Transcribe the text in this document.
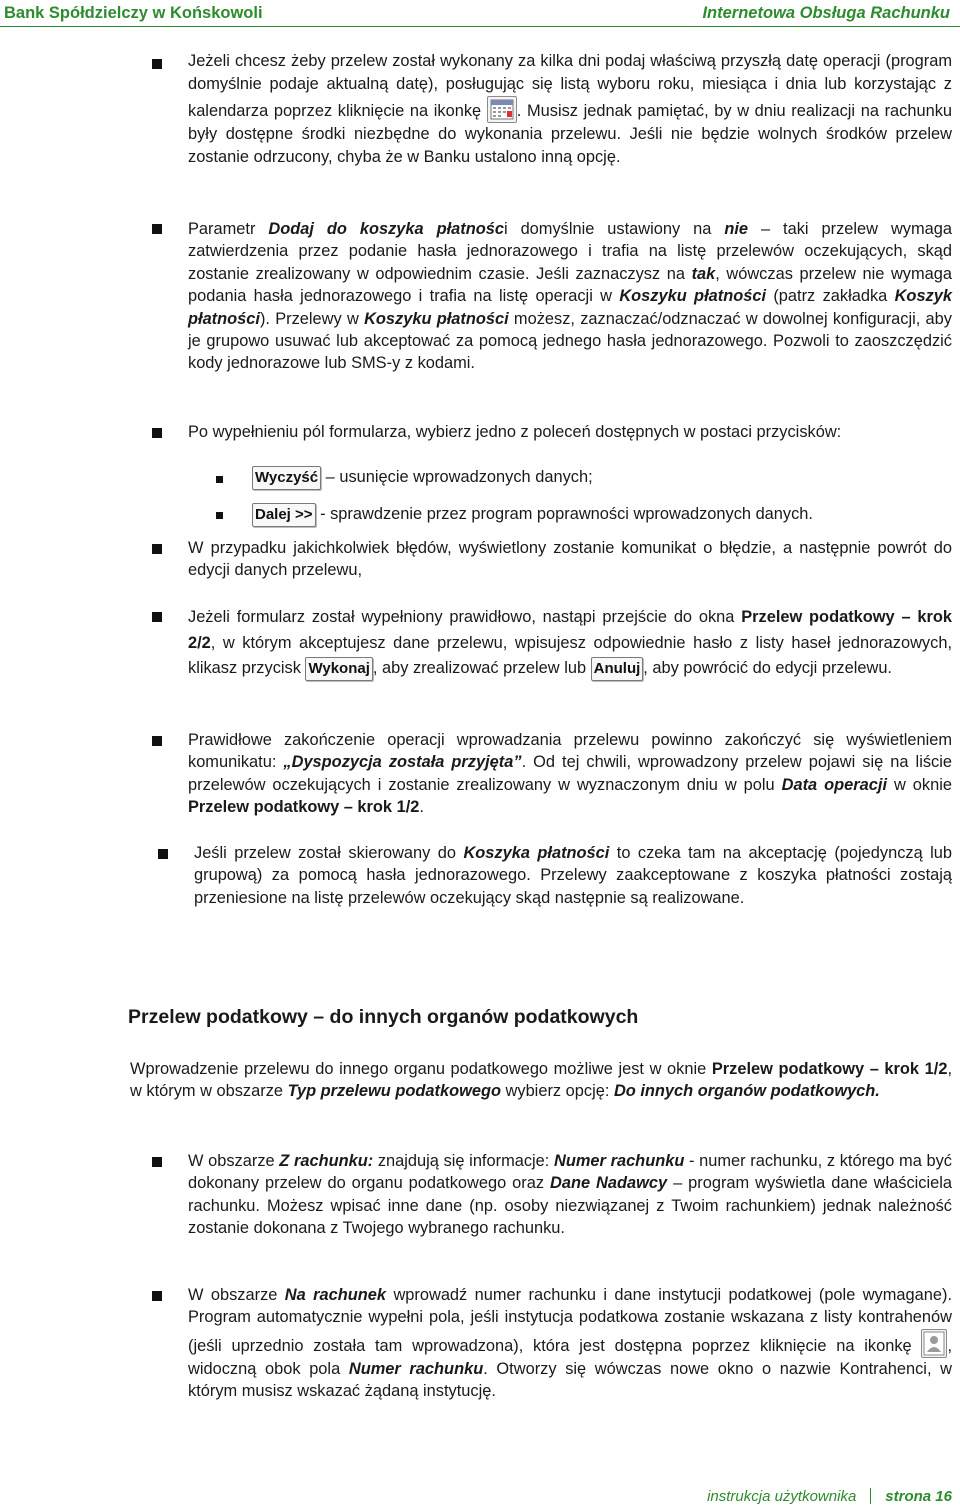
Bank Spółdzielczy w Końskowoli	Internetowa Obsługa Rachunku

Jeżeli chcesz żeby przelew został wykonany za kilka dni podaj właściwą przyszłą datę operacji (program domyślnie podaje aktualną datę), posługując się listą wyboru roku, miesiąca i dnia lub korzystając z kalendarza poprzez kliknięcie na ikonkę . Musisz jednak pamiętać, by w dniu realizacji na rachunku były dostępne środki niezbędne do wykonania przelewu. Jeśli nie będzie wolnych środków przelew zostanie odrzucony, chyba że w Banku ustalono inną opcję.

Parametr Dodaj do koszyka płatności domyślnie ustawiony na nie – taki przelew wymaga zatwierdzenia przez podanie hasła jednorazowego i trafia na listę przelewów oczekujących, skąd zostanie zrealizowany w odpowiednim czasie. Jeśli zaznaczysz na tak, wówczas przelew nie wymaga podania hasła jednorazowego i trafia na listę operacji w Koszyku płatności (patrz zakładka Koszyk płatności). Przelewy w Koszyku płatności możesz, zaznaczać/odznaczać w dowolnej konfiguracji, aby je grupowo usuwać lub akceptować za pomocą jednego hasła jednorazowego. Pozwoli to zaoszczędzić kody jednorazowe lub SMS-y z kodami.

Po wypełnieniu pól formularza, wybierz jedno z poleceń dostępnych w postaci przycisków:

Wyczyść – usunięcie wprowadzonych danych;
Dalej >> - sprawdzenie przez program poprawności wprowadzonych danych.

W przypadku jakichkolwiek błędów, wyświetlony zostanie komunikat o błędzie, a następnie powrót do edycji danych przelewu,

Jeżeli formularz został wypełniony prawidłowo, nastąpi przejście do okna Przelew podatkowy – krok 2/2, w którym akceptujesz dane przelewu, wpisujesz odpowiednie hasło z listy haseł jednorazowych, klikasz przycisk Wykonaj , aby zrealizować przelew lub Anuluj , aby powrócić do edycji przelewu.

Prawidłowe zakończenie operacji wprowadzania przelewu powinno zakończyć się wyświetleniem komunikatu: „Dyspozycja została przyjęta”. Od tej chwili, wprowadzony przelew pojawi się na liście przelewów oczekujących i zostanie zrealizowany w wyznaczonym dniu w polu Data operacji w oknie Przelew podatkowy – krok 1/2.

Jeśli przelew został skierowany do Koszyka płatności to czeka tam na akceptację (pojedynczą lub grupową) za pomocą hasła jednorazowego. Przelewy zaakceptowane z koszyka płatności zostają przeniesione na listę przelewów oczekujący skąd następnie są realizowane.

Przelew podatkowy – do innych organów podatkowych
Wprowadzenie przelewu do innego organu podatkowego możliwe jest w oknie Przelew podatkowy – krok 1/2, w którym w obszarze Typ przelewu podatkowego wybierz opcję: Do innych organów podatkowych.

W obszarze Z rachunku: znajdują się informacje: Numer rachunku - numer rachunku, z którego ma być dokonany przelew do organu podatkowego oraz Dane Nadawcy – program wyświetla dane właściciela rachunku. Możesz wpisać inne dane (np. osoby niezwiązanej z Twoim rachunkiem) jednak należność zostanie dokonana z Twojego wybranego rachunku.

W obszarze Na rachunek wprowadź numer rachunku i dane instytucji podatkowej (pole wymagane). Program automatycznie wypełni pola, jeśli instytucja podatkowa zostanie wskazana z listy kontrahenów (jeśli uprzednio została tam wprowadzona), która jest dostępna poprzez kliknięcie na ikonkę , widoczną obok pola Numer rachunku. Otworzy się wówczas nowe okno o nazwie Kontrahenci, w którym musisz wskazać żądaną instytucję.

instrukcja użytkownika strona 16
